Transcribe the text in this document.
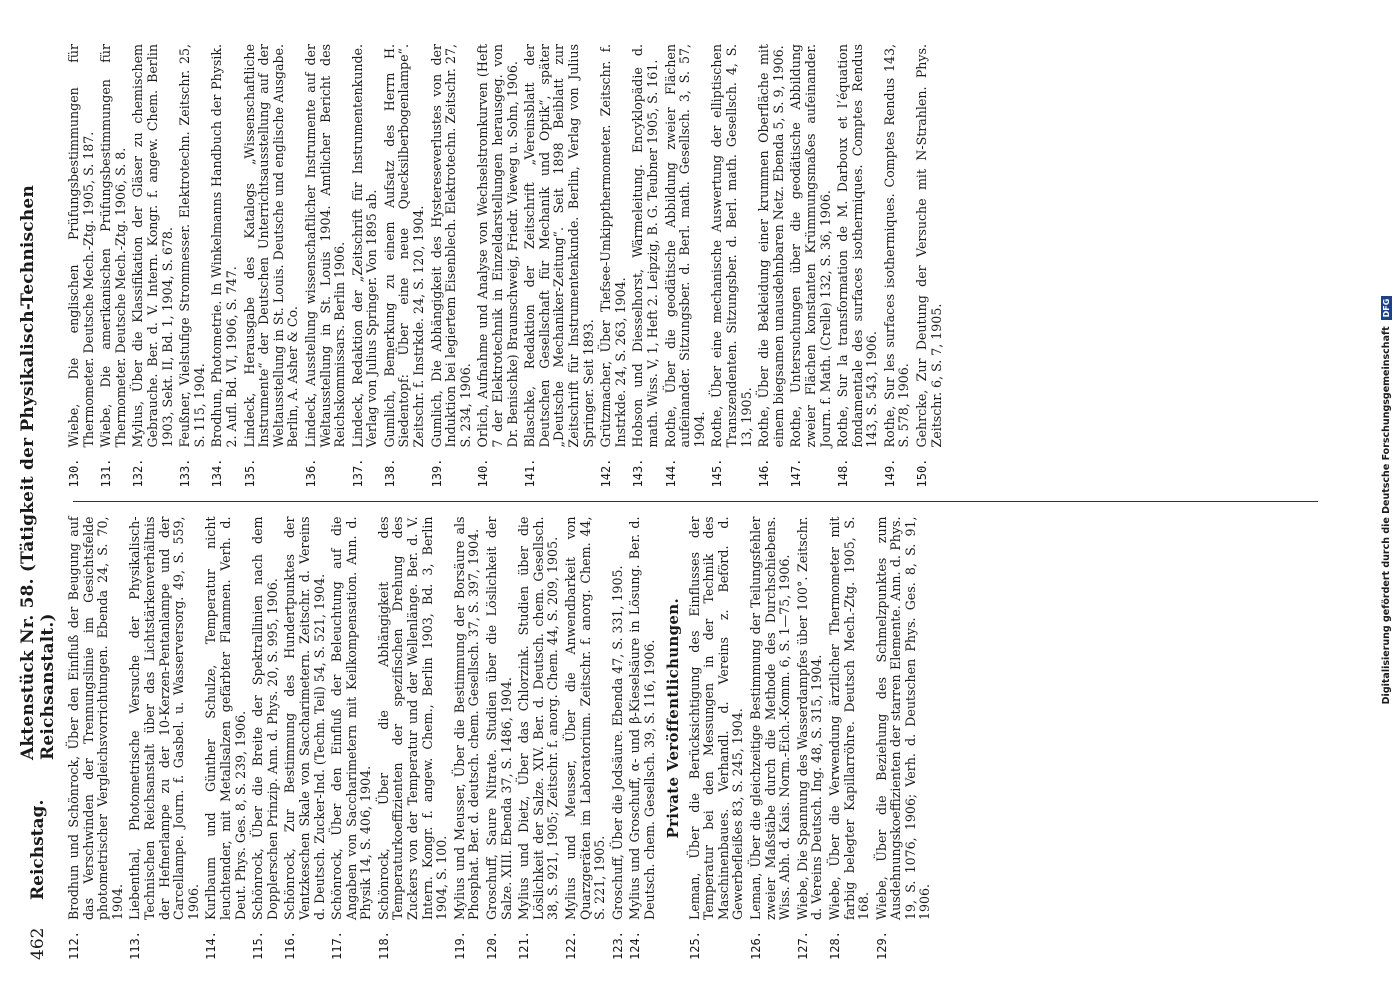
462
Reichstag.
Aktenstück Nr. 58. (Tätigkeit der Physikalisch-Technischen Reichsanstalt.)
112.
Brodhun und Schönrock, Über den Einfluß der Beugung auf das Verschwinden der Trennungslinie im Gesichtsfelde photometrischer Vergleichsvorrichtungen. Ebenda 24, S. 70, 1904.
113.
Liebenthal, Photometrische Versuche der Physikalisch-Technischen Reichsanstalt über das Lichtstärkenverhältnis der Hefnerlampe zu der 10-Kerzen-Pentanlampe und der Carcellampe. Journ. f. Gasbel. u. Wasserversorg. 49, S. 559, 1906.
114.
Kurlbaum und Günther Schulze, Temperatur nicht leuchtender, mit Metallsalzen gefärbter Flammen. Verh. d. Deut. Phys. Ges. 8, S. 239, 1906.
115.
Schönrock, Über die Breite der Spektrallinien nach dem Dopplerschen Prinzip. Ann. d. Phys. 20, S. 995, 1906.
116.
Schönrock, Zur Bestimmung des Hundertpunktes der Ventzkeschen Skale von Saccharimetern. Zeitschr. d. Vereins d. Deutsch. Zucker-Ind. (Techn. Teil) 54, S. 521, 1904.
117.
Schönrock, Über den Einfluß der Beleuchtung auf die Angaben von Saccharimetern mit Keilkompensation. Ann. d. Physik 14, S. 406, 1904.
118.
Schönrock, Über die Abhängigkeit des Temperaturkoeffizienten der spezifischen Drehung des Zuckers von der Temperatur und der Wellenlänge. Ber. d. V. Intern. Kongr. f. angew. Chem., Berlin 1903, Bd. 3, Berlin 1904, S. 100.
119.
Mylius und Meusser, Über die Bestimmung der Borsäure als Phosphat. Ber. d. deutsch. chem. Gesellsch. 37, S. 397, 1904.
120.
Groschuff, Saure Nitrate. Studien über die Löslichkeit der Salze. XIII. Ebenda 37, S. 1486, 1904.
121.
Mylius und Dietz, Über das Chlorzink. Studien über die Löslichkeit der Salze. XIV. Ber. d. Deutsch. chem. Gesellsch. 38, S. 921, 1905; Zeitschr. f. anorg. Chem. 44, S. 209, 1905.
122.
Mylius und Meusser, Über die Anwendbarkeit von Quarzgeräten im Laboratorium. Zeitschr. f. anorg. Chem. 44, S. 221, 1905.
123.
Groschuff, Über die Jodsäure. Ebenda 47, S. 331, 1905.
124.
Mylius und Groschuff, α- und β-Kieselsäure in Lösung. Ber. d. Deutsch. chem. Gesellsch. 39, S. 116, 1906. Private Veröffentlichungen.
125.
Leman, Über die Berücksichtigung des Einflusses der Temperatur bei den Messungen in der Technik des Maschinenbaues. Verhandl. d. Vereins z. Beförd. d. Gewerbefleißes 83, S. 245, 1904.
126.
Leman, Über die gleichzeitige Bestimmung der Teilungsfehler zweier Maßstäbe durch die Methode des Durchschiebens. Wiss. Abh. d. Kais. Norm.-Eich.-Komm. 6, S. 1—75, 1906.
127.
Wiebe, Die Spannung des Wasserdampfes über 100°. Zeitschr. d. Vereins Deutsch. Ing. 48, S. 315, 1904.
128.
Wiebe, Über die Verwendung ärztlicher Thermometer mit farbig belegter Kapillarröhre. Deutsch Mech.-Ztg. 1905, S. 168.
129.
Wiebe, Über die Beziehung des Schmelzpunktes zum Ausdehnungskoeffizienten der starren Elemente. Ann. d. Phys. 19, S. 1076, 1906; Verh. d. Deutschen Phys. Ges. 8, S. 91, 1906.
130.
Wiebe, Die englischen Prüfungsbestimmungen für Thermometer. Deutsche Mech.-Ztg. 1905, S. 187.
131.
Wiebe, Die amerikanischen Prüfungsbestimmungen für Thermometer. Deutsche Mech.-Ztg. 1906, S. 8.
132.
Mylius, Über die Klassifikation der Gläser zu chemischem Gebrauche. Ber. d. V. Intern. Kongr. f. angew. Chem. Berlin 1903, Sekt. II, Bd. 1, 1904, S. 678.
133.
Feußner, Vielstufige Strommesser. Elektrotechn. Zeitschr. 25, S. 115, 1904.
134.
Brodhun, Photometrie. In Winkelmanns Handbuch der Physik. 2. Aufl. Bd. VI, 1906, S. 747.
135.
Lindeck, Herausgabe des Katalogs „Wissenschaftliche Instrumente“ der Deutschen Unterrichtsausstellung auf der Weltausstellung in St. Louis. Deutsche und englische Ausgabe. Berlin, A. Asher & Co.
136.
Lindeck, Ausstellung wissenschaftlicher Instrumente auf der Weltausstellung in St. Louis 1904. Amtlicher Bericht des Reichskommissars. Berlin 1906.
137.
Lindeck, Redaktion der „Zeitschrift für Instrumentenkunde. Verlag von Julius Springer. Von 1895 ab.
138.
Gumlich, Bemerkung zu einem Aufsatz des Herrn H. Siedentopf: Über eine neue Quecksilberbogenlampe“. Zeitschr. f. Instrkde. 24, S. 120, 1904.
139.
Gumlich, Die Abhängigkeit des Hystereseverlustes von der Induktion bei legiertem Eisenblech. Elektrotechn. Zeitschr. 27, S. 234, 1906.
140.
Orlich, Aufnahme und Analyse von Wechselstromkurven (Heft 7 der Elektrotechnik in Einzeldarstellungen herausgeg. von Dr. Benischke) Braunschweig, Friedr. Vieweg u. Sohn, 1906.
141.
Blaschke, Redaktion der Zeitschrift „Vereinsblatt der Deutschen Gesellschaft für Mechanik und Optik“, später „Deutsche Mechaniker-Zeitung“. Seit 1898 Beiblatt zur Zeitschrift für Instrumentenkunde. Berlin, Verlag von Julius Springer. Seit 1893.
142.
Grützmacher, Über Tiefsee-Umkippthermometer. Zeitschr. f. Instrkde. 24, S. 263, 1904.
143.
Hobson und Diesselhorst, Wärmeleitung. Encyklopädie d. math. Wiss. V, 1, Heft 2. Leipzig, B. G. Teubner 1905, S. 161.
144.
Rothe, Über die geodätische Abbildung zweier Flächen aufeinander. Sitzungsber. d. Berl. math. Gesellsch. 3, S. 57, 1904.
145.
Rothe, Über eine mechanische Auswertung der elliptischen Transzendenten. Sitzungsber. d. Berl. math. Gesellsch. 4, S. 13, 1905.
146.
Rothe, Über die Bekleidung einer krummen Oberfläche mit einem biegsamen unausdehnbaren Netz. Ebenda 5, S. 9, 1906.
147.
Rothe, Untersuchungen über die geodätische Abbildung zweier Flächen konstanten Krümmungsmaßes aufeinander. Journ. f. Math. (Crelle) 132, S. 36, 1906.
148.
Rothe, Sur la transformation de M. Darboux et l’équation fondamentale des surfaces isothermiques. Comptes Rendus 143, S. 543, 1906.
149.
Rothe, Sur les surfaces isothermiques. Comptes Rendus 143, S. 578, 1906.
150.
Gehrcke, Zur Deutung der Versuche mit N-Strahlen. Phys. Zeitschr. 6, S. 7, 1905.	Digitalisierung gefördert durch die Deutsche Forschungsgemeinschaft
DFG
